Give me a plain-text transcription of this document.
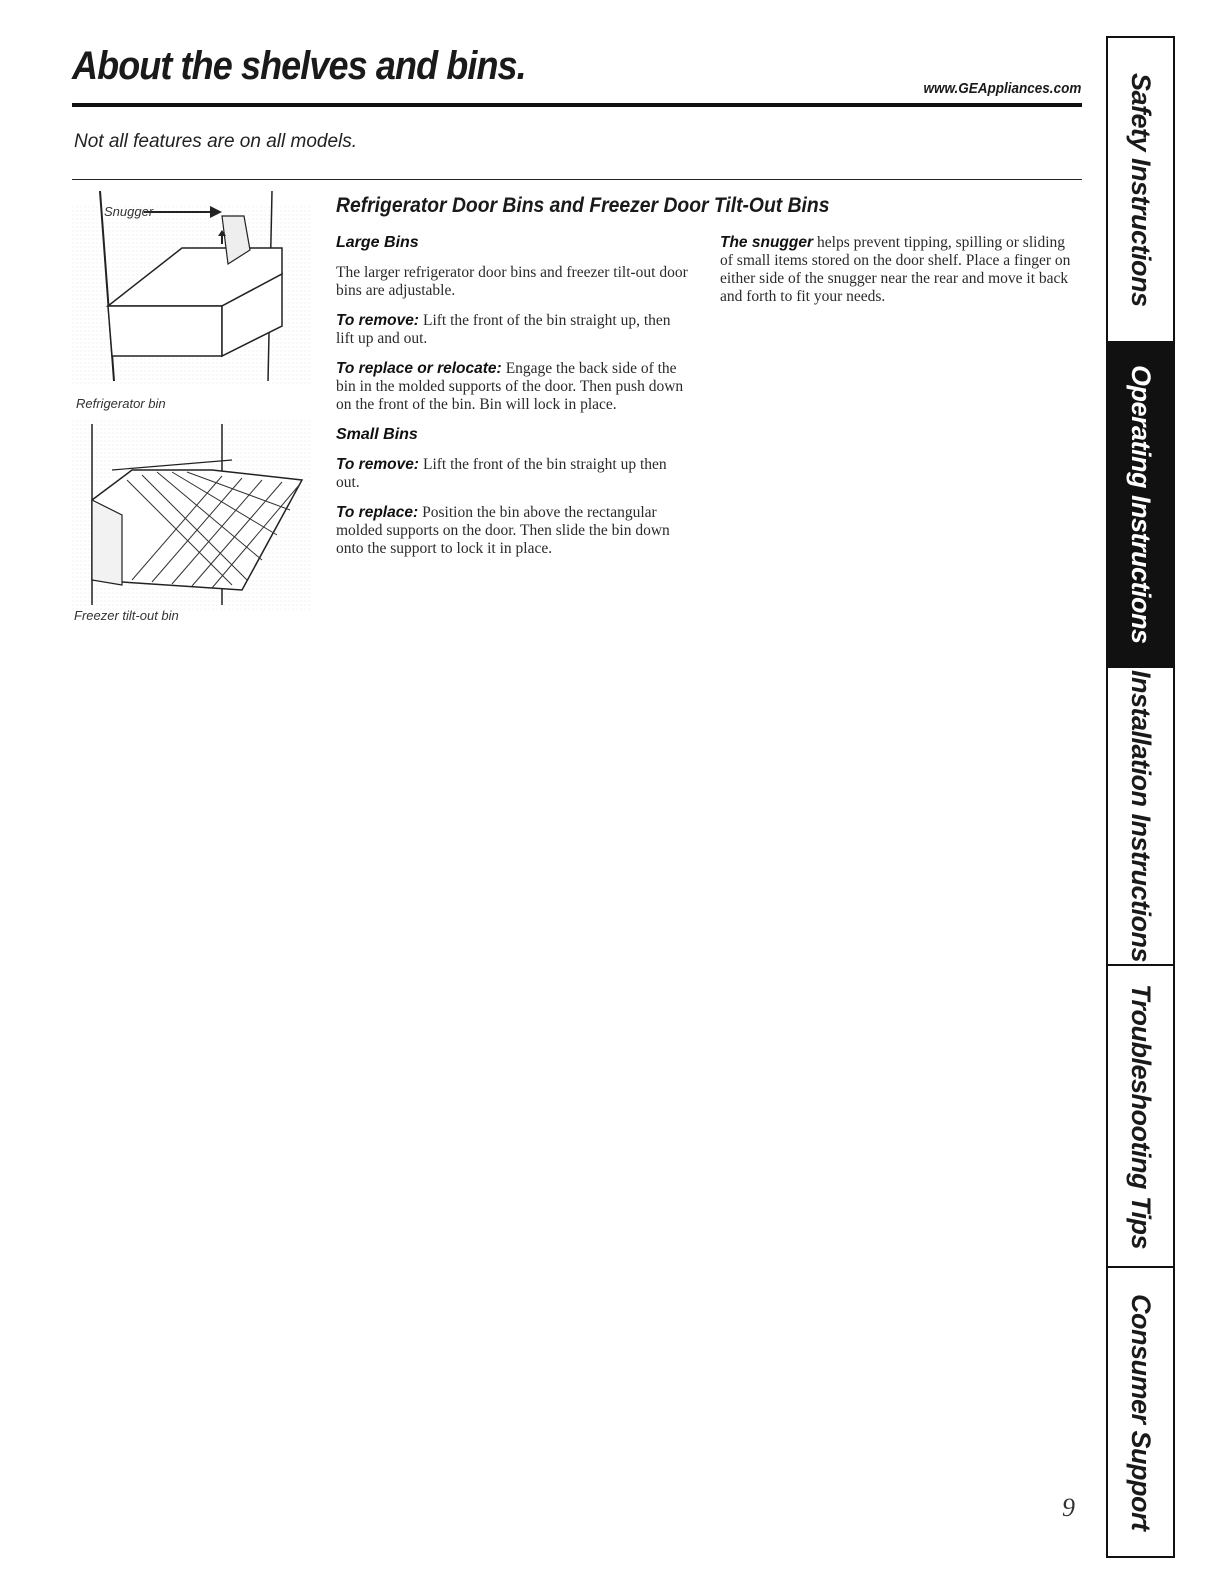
About the shelves and bins.
www.GEAppliances.com
Not all features are on all models.
Snugger
Refrigerator bin
Freezer tilt-out bin
Refrigerator Door Bins and Freezer Door Tilt-Out Bins
Large Bins

The larger refrigerator door bins and freezer tilt-out door bins are adjustable.

To remove: Lift the front of the bin straight up, then lift up and out.

To replace or relocate: Engage the back side of the bin in the molded supports of the door. Then push down on the front of the bin. Bin will lock in place.

Small Bins

To remove: Lift the front of the bin straight up then out.

To replace: Position the bin above the rectangular molded supports on the door. Then slide the bin down onto the support to lock it in place.

The snugger helps prevent tipping, spilling or sliding of small items stored on the door shelf. Place a finger on either side of the snugger near the rear and move it back and forth to fit your needs.	Safety Instructions
Operating Instructions
Installation Instructions
Troubleshooting Tips
Consumer Support
9
